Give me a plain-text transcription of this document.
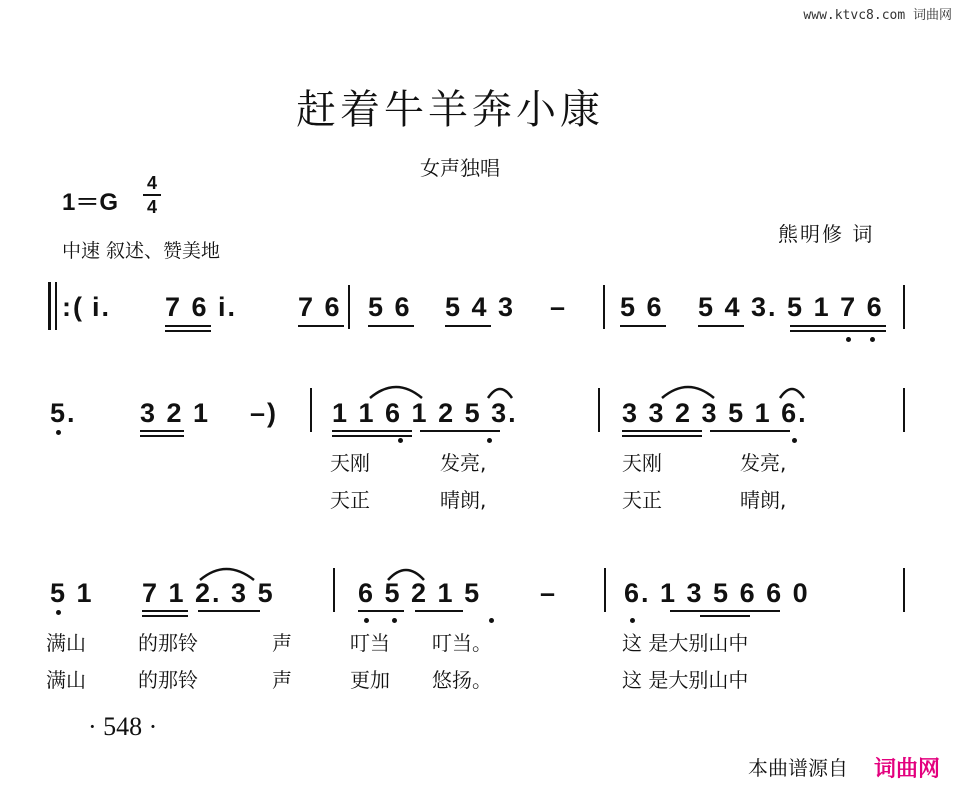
www.ktvc8.com 词曲网
赶着牛羊奔小康
女声独唱
1＝G
4
4
中速 叙述、赞美地
熊明修 词
:( i. 7 6 i. 7 6 5 6 5 4 3 – 5 6 5 4 3. 5 1 7 6
5. 3 2 1 –) 1 1 6 1 2 5 3.	3 3 2 3 5 1 6.
天刚	发亮,	天刚	发亮,
天正	晴朗,	天正	晴朗,
5 1 7 1 2. 3 5	6 5 2 1 5 – 6. 1 3 5 6 6 0
满山	的那铃	声	叮当 叮当。	这 是大别山中
满山	的那铃	声	更加 悠扬。	这 是大别山中
· 548 ·
本曲谱源自 词曲网
